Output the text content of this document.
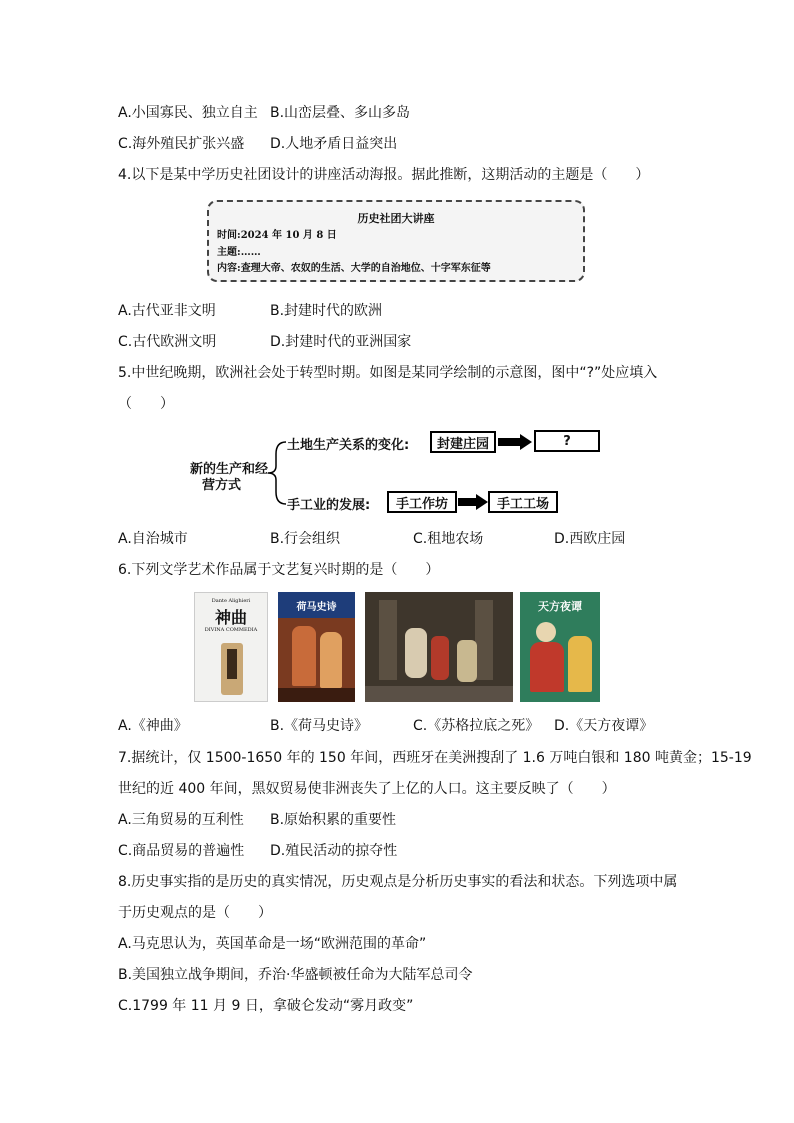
A.小国寡民、独立自主 B.山峦层叠、多山多岛
C.海外殖民扩张兴盛 D.人地矛盾日益突出
4.以下是某中学历史社团设计的讲座活动海报。据此推断，这期活动的主题是（　　）
历史社团大讲座
时间:2024 年 10 月 8 日
主题:……
内容:查理大帝、农奴的生活、大学的自治地位、十字军东征等
A.古代亚非文明	B.封建时代的欧洲
C.古代欧洲文明	D.封建时代的亚洲国家
5.中世纪晚期，欧洲社会处于转型时期。如图是某同学绘制的示意图，图中“?”处应填入
（　　）
新的生产和经
营方式
土地生产关系的变化:	封建庄园	?
手工业的发展:	手工作坊	手工工场
A.自治城市	B.行会组织	C.租地农场	D.西欧庄园
6.下列文学艺术作品属于文艺复兴时期的是（　　）
Dante Alighieri
神曲
DIVINA COMMEDIA
荷马史诗	天方夜谭
A.《神曲》	B.《荷马史诗》	C.《苏格拉底之死》 D.《天方夜谭》
7.据统计，仅 1500-1650 年的 150 年间，西班牙在美洲搜刮了 1.6 万吨白银和 180 吨黄金；15-19
世纪的近 400 年间，黑奴贸易使非洲丧失了上亿的人口。这主要反映了（　　）
A.三角贸易的互利性 B.原始积累的重要性
C.商品贸易的普遍性 D.殖民活动的掠夺性
8.历史事实指的是历史的真实情况，历史观点是分析历史事实的看法和状态。下列选项中属
于历史观点的是（　　）
A.马克思认为，英国革命是一场“欧洲范围的革命”
B.美国独立战争期间，乔治·华盛顿被任命为大陆军总司令
C.1799 年 11 月 9 日，拿破仑发动“雾月政变”
